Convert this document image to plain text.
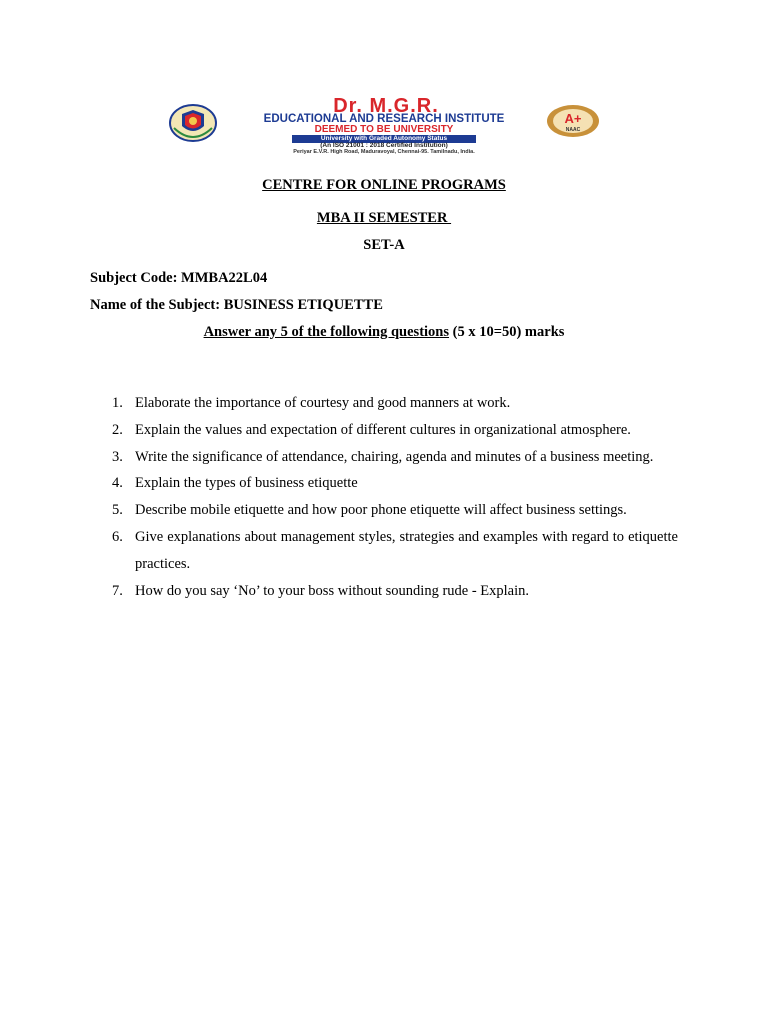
Dr. M.G.R.
EDUCATIONAL AND RESEARCH INSTITUTE
DEEMED TO BE UNIVERSITY
University with Graded Autonomy Status
(An ISO 21001 : 2018 Certified Institution)
Periyar E.V.R. High Road, Maduravoyal, Chennai-95. Tamilnadu, India.
A+
NAAC
CENTRE FOR ONLINE PROGRAMS
MBA II SEMESTER
SET-A
Subject Code: MMBA22L04
Name of the Subject: BUSINESS ETIQUETTE
Answer any 5 of the following questions (5 x 10=50) marks
1. Elaborate the importance of courtesy and good manners at work.
2. Explain the values and expectation of different cultures in organizational atmosphere.
3. Write the significance of attendance, chairing, agenda and minutes of a business meeting.
4. Explain the types of business etiquette
5. Describe mobile etiquette and how poor phone etiquette will affect business settings.
6. Give explanations about management styles, strategies and examples with regard to etiquette practices.
7. How do you say ‘No’ to your boss without sounding rude - Explain.
